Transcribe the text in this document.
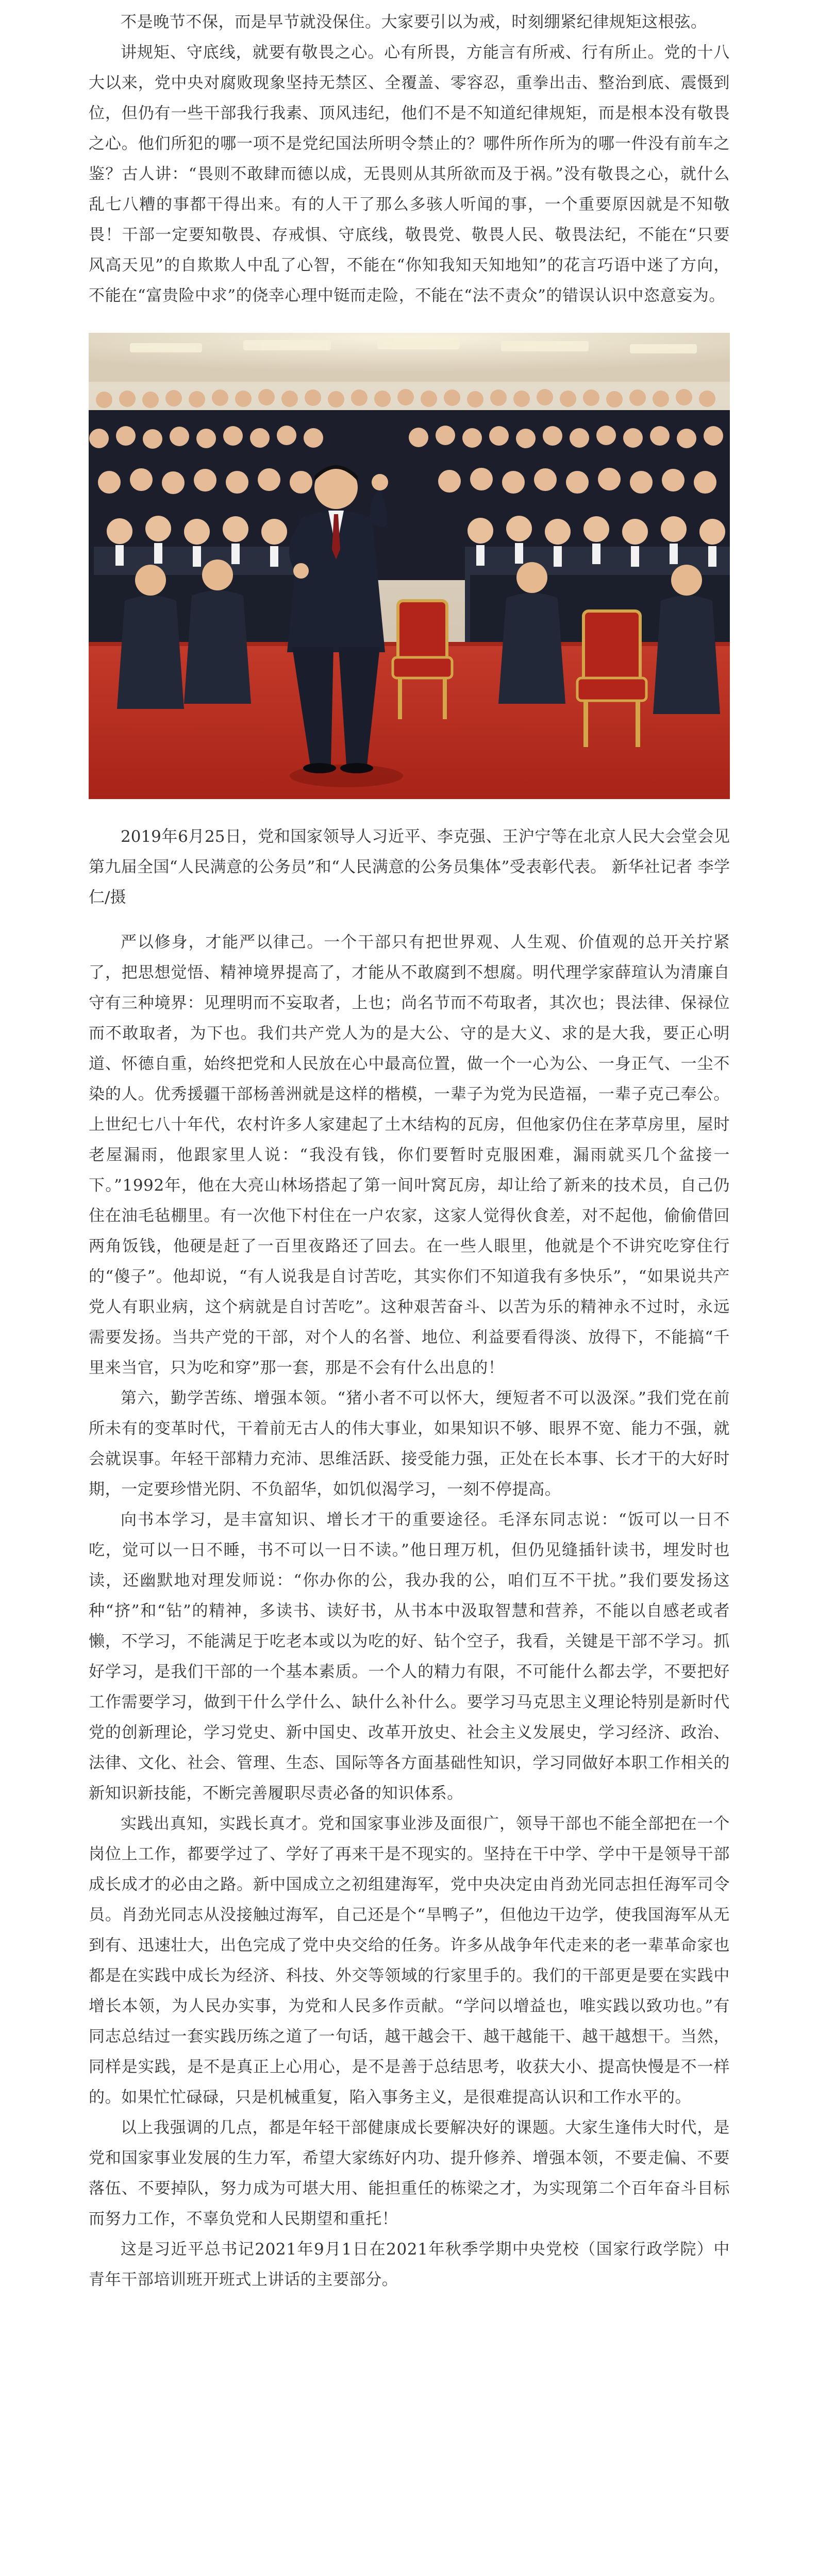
不是晚节不保，而是早节就没保住。大家要引以为戒，时刻绷紧纪律规矩这根弦。

讲规矩、守底线，就要有敬畏之心。心有所畏，方能言有所戒、行有所止。党的十八大以来，党中央对腐败现象坚持无禁区、全覆盖、零容忍，重拳出击、整治到底、震慑到位，但仍有一些干部我行我素、顶风违纪，他们不是不知道纪律规矩，而是根本没有敬畏之心。他们所犯的哪一项不是党纪国法所明令禁止的？哪件所作所为的哪一件没有前车之鉴？古人讲：“畏则不敢肆而德以成，无畏则从其所欲而及于祸。”没有敬畏之心，就什么乱七八糟的事都干得出来。有的人干了那么多骇人听闻的事，一个重要原因就是不知敬畏！干部一定要知敬畏、存戒惧、守底线，敬畏党、敬畏人民、敬畏法纪，不能在“只要风高天见”的自欺欺人中乱了心智，不能在“你知我知天知地知”的花言巧语中迷了方向，不能在“富贵险中求”的侥幸心理中铤而走险，不能在“法不责众”的错误认识中恣意妄为。

2019年6月25日，党和国家领导人习近平、李克强、王沪宁等在北京人民大会堂会见第九届全国“人民满意的公务员”和“人民满意的公务员集体”受表彰代表。 新华社记者 李学仁/摄

严以修身，才能严以律己。一个干部只有把世界观、人生观、价值观的总开关拧紧了，把思想觉悟、精神境界提高了，才能从不敢腐到不想腐。明代理学家薛瑄认为清廉自守有三种境界：见理明而不妄取者，上也；尚名节而不苟取者，其次也；畏法律、保禄位而不敢取者，为下也。我们共产党人为的是大公、守的是大义、求的是大我，要正心明道、怀德自重，始终把党和人民放在心中最高位置，做一个一心为公、一身正气、一尘不染的人。优秀援疆干部杨善洲就是这样的楷模，一辈子为党为民造福，一辈子克己奉公。上世纪七八十年代，农村许多人家建起了土木结构的瓦房，但他家仍住在茅草房里，屋时老屋漏雨，他跟家里人说：“我没有钱，你们要暂时克服困难，漏雨就买几个盆接一下。”1992年，他在大亮山林场搭起了第一间叶窝瓦房，却让给了新来的技术员，自己仍住在油毛毡棚里。有一次他下村住在一户农家，这家人觉得伙食差，对不起他，偷偷借回两角饭钱，他硬是赶了一百里夜路还了回去。在一些人眼里，他就是个不讲究吃穿住行的“傻子”。他却说，“有人说我是自讨苦吃，其实你们不知道我有多快乐”，“如果说共产党人有职业病，这个病就是自讨苦吃”。这种艰苦奋斗、以苦为乐的精神永不过时，永远需要发扬。当共产党的干部，对个人的名誉、地位、利益要看得淡、放得下，不能搞“千里来当官，只为吃和穿”那一套，那是不会有什么出息的！

第六，勤学苦练、增强本领。“猪小者不可以怀大，绠短者不可以汲深。”我们党在前所未有的变革时代，干着前无古人的伟大事业，如果知识不够、眼界不宽、能力不强，就会就误事。年轻干部精力充沛、思维活跃、接受能力强，正处在长本事、长才干的大好时期，一定要珍惜光阴、不负韶华，如饥似渴学习，一刻不停提高。

向书本学习，是丰富知识、增长才干的重要途径。毛泽东同志说：“饭可以一日不吃，觉可以一日不睡，书不可以一日不读。”他日理万机，但仍见缝插针读书，埋发时也读，还幽默地对理发师说：“你办你的公，我办我的公，咱们互不干扰。”我们要发扬这种“挤”和“钻”的精神，多读书、读好书，从书本中汲取智慧和营养，不能以自感老或者懒，不学习，不能满足于吃老本或以为吃的好、钻个空子，我看，关键是干部不学习。抓好学习，是我们干部的一个基本素质。一个人的精力有限，不可能什么都去学，不要把好工作需要学习，做到干什么学什么、缺什么补什么。要学习马克思主义理论特别是新时代党的创新理论，学习党史、新中国史、改革开放史、社会主义发展史，学习经济、政治、法律、文化、社会、管理、生态、国际等各方面基础性知识，学习同做好本职工作相关的新知识新技能，不断完善履职尽责必备的知识体系。

实践出真知，实践长真才。党和国家事业涉及面很广，领导干部也不能全部把在一个岗位上工作，都要学过了、学好了再来干是不现实的。坚持在干中学、学中干是领导干部成长成才的必由之路。新中国成立之初组建海军，党中央决定由肖劲光同志担任海军司令员。肖劲光同志从没接触过海军，自己还是个“旱鸭子”，但他边干边学，使我国海军从无到有、迅速壮大，出色完成了党中央交给的任务。许多从战争年代走来的老一辈革命家也都是在实践中成长为经济、科技、外交等领域的行家里手的。我们的干部更是要在实践中增长本领，为人民办实事，为党和人民多作贡献。“学问以增益也，唯实践以致功也。”有同志总结过一套实践历练之道了一句话，越干越会干、越干越能干、越干越想干。当然，同样是实践，是不是真正上心用心，是不是善于总结思考，收获大小、提高快慢是不一样的。如果忙忙碌碌，只是机械重复，陷入事务主义，是很难提高认识和工作水平的。

以上我强调的几点，都是年轻干部健康成长要解决好的课题。大家生逢伟大时代，是党和国家事业发展的生力军，希望大家练好内功、提升修养、增强本领，不要走偏、不要落伍、不要掉队，努力成为可堪大用、能担重任的栋梁之才，为实现第二个百年奋斗目标而努力工作，不辜负党和人民期望和重托！

这是习近平总书记2021年9月1日在2021年秋季学期中央党校（国家行政学院）中青年干部培训班开班式上讲话的主要部分。
